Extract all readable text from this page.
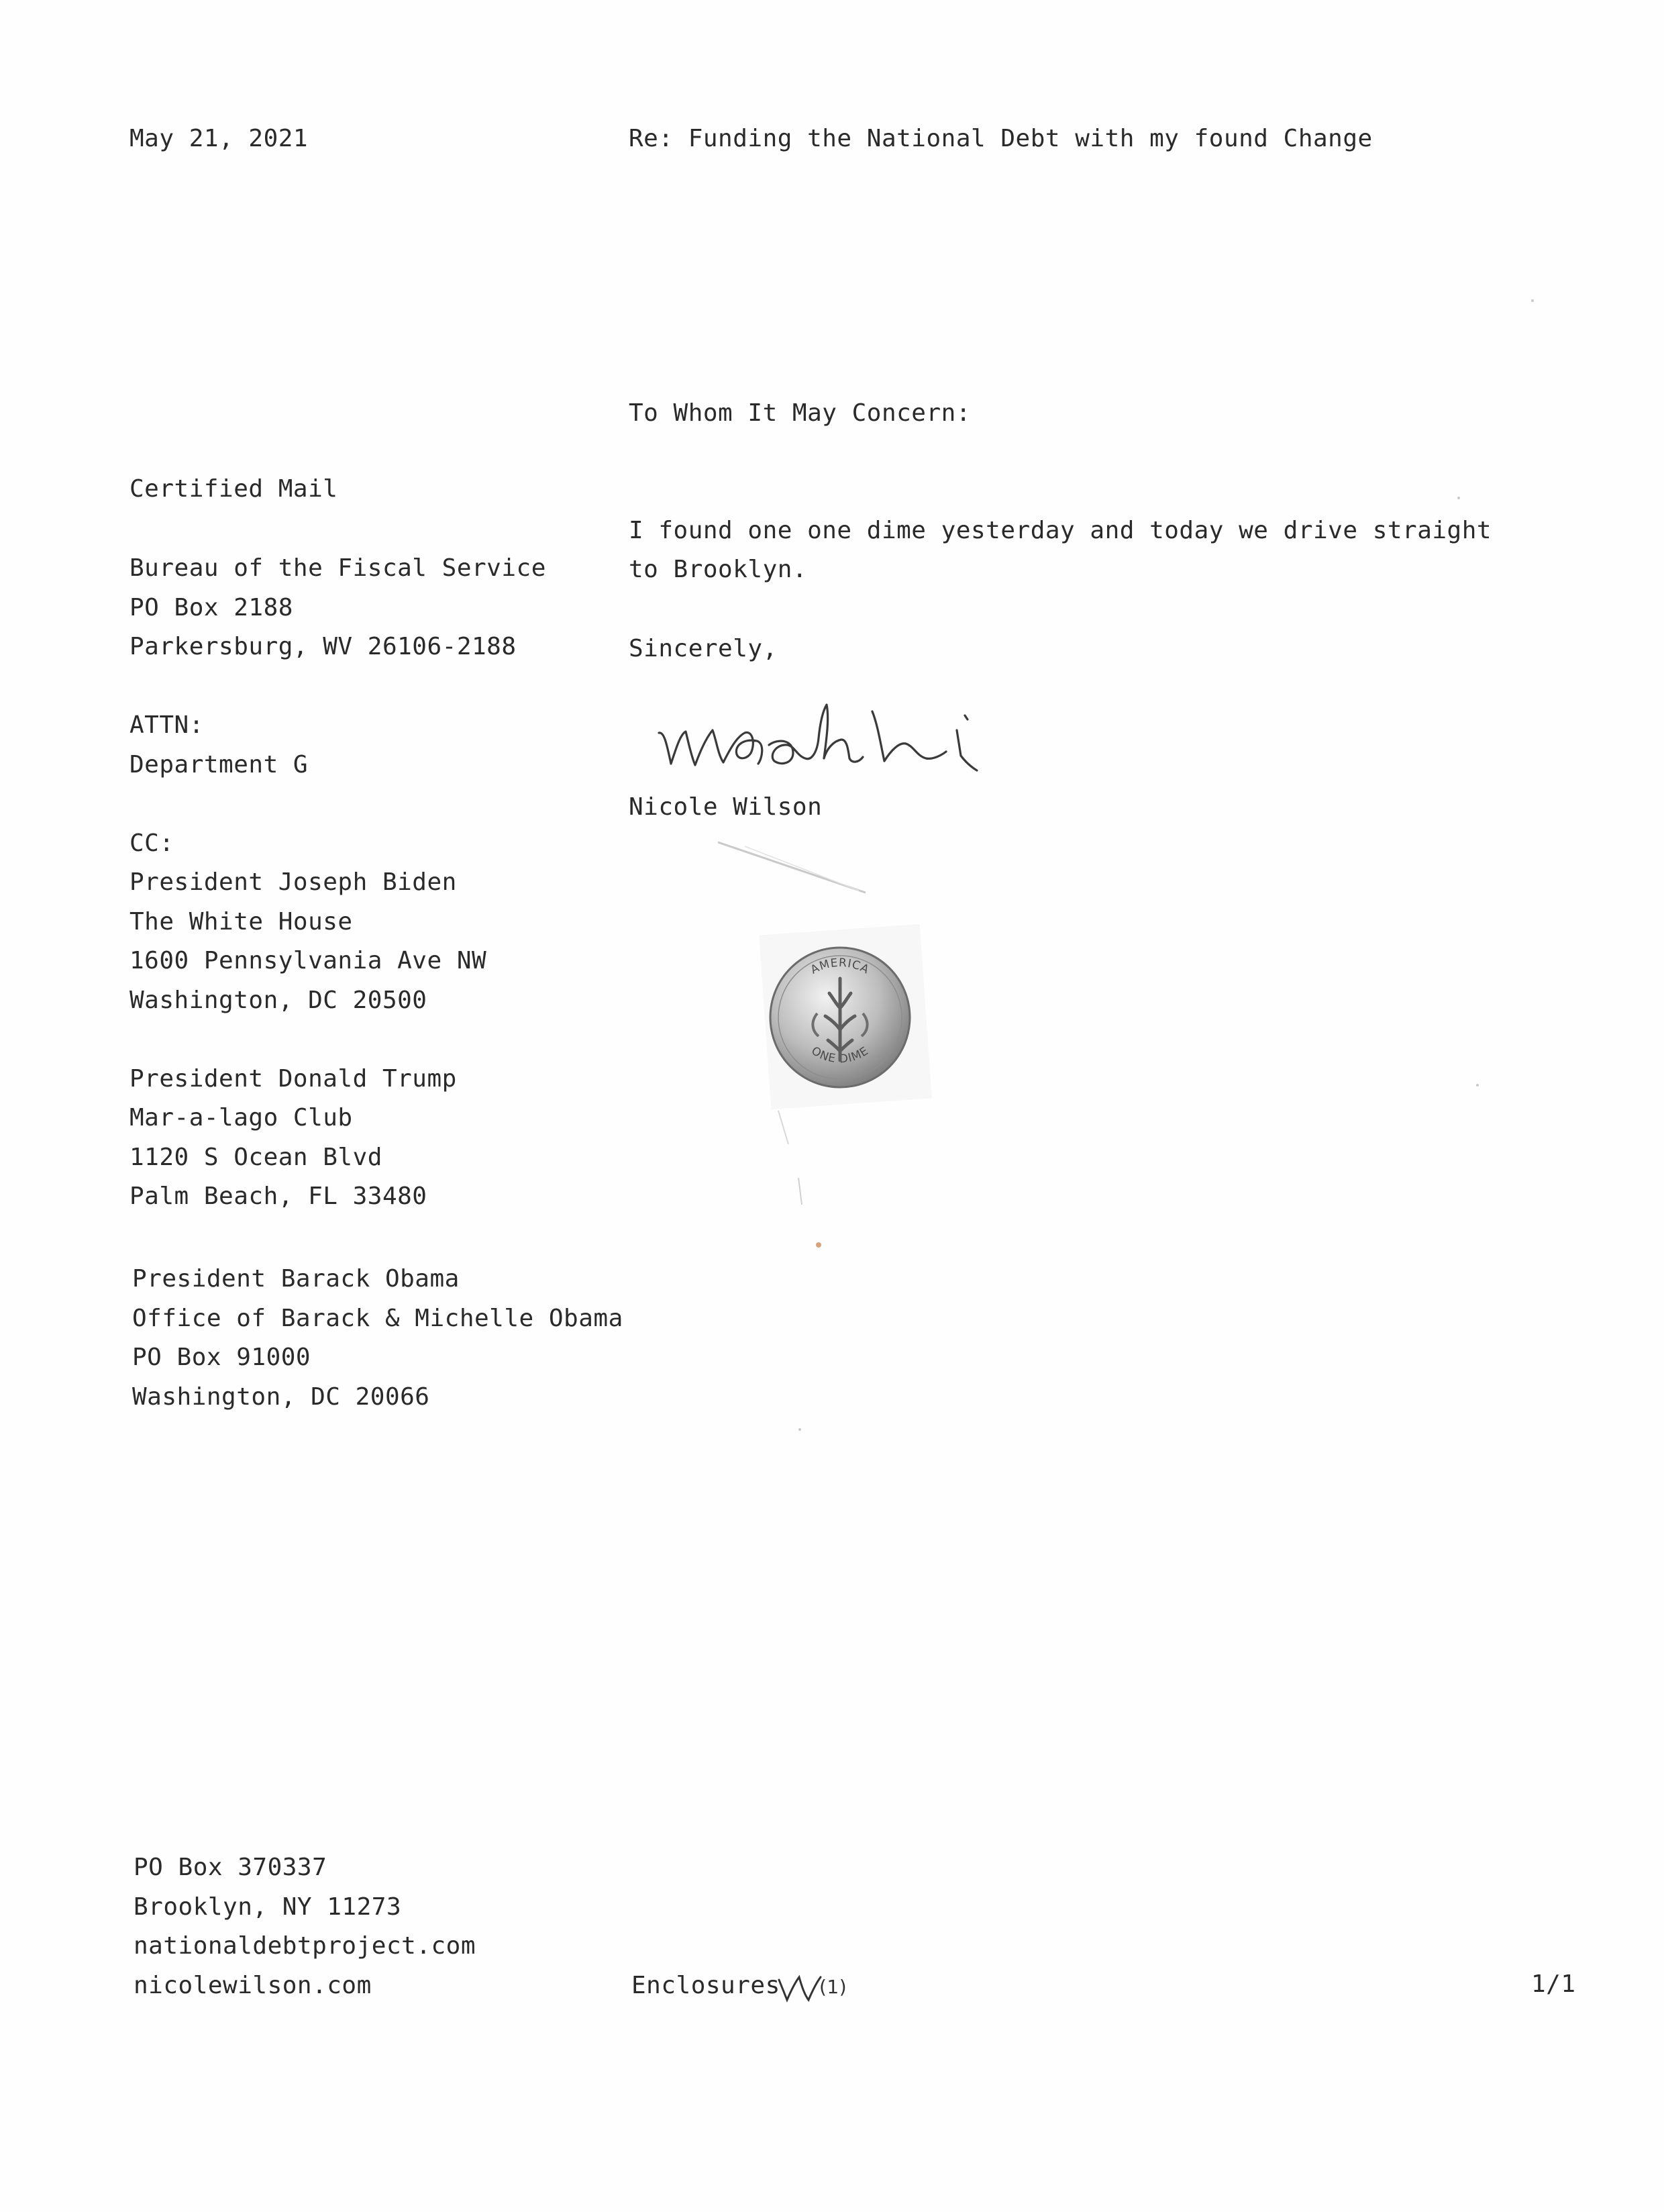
May 21, 2021	Re: Funding the National Debt with my found Change
To Whom It May Concern:
Certified Mail
Bureau of the Fiscal Service
PO Box 2188
Parkersburg, WV 26106-2188
ATTN:
Department G
CC:
President Joseph Biden
The White House
1600 Pennsylvania Ave NW
Washington, DC 20500
President Donald Trump
Mar-a-lago Club
1120 S Ocean Blvd
Palm Beach, FL 33480
President Barack Obama
Office of Barack & Michelle Obama
PO Box 91000
Washington, DC 20066
I found one one dime yesterday and today we drive straight to Brooklyn.
Sincerely,
Nicole Wilson
AMERICA
ONE DIME
PO Box 370337
Brooklyn, NY 11273
nationaldebtproject.com
nicolewilson.com	Enclosures (1)	1/1
